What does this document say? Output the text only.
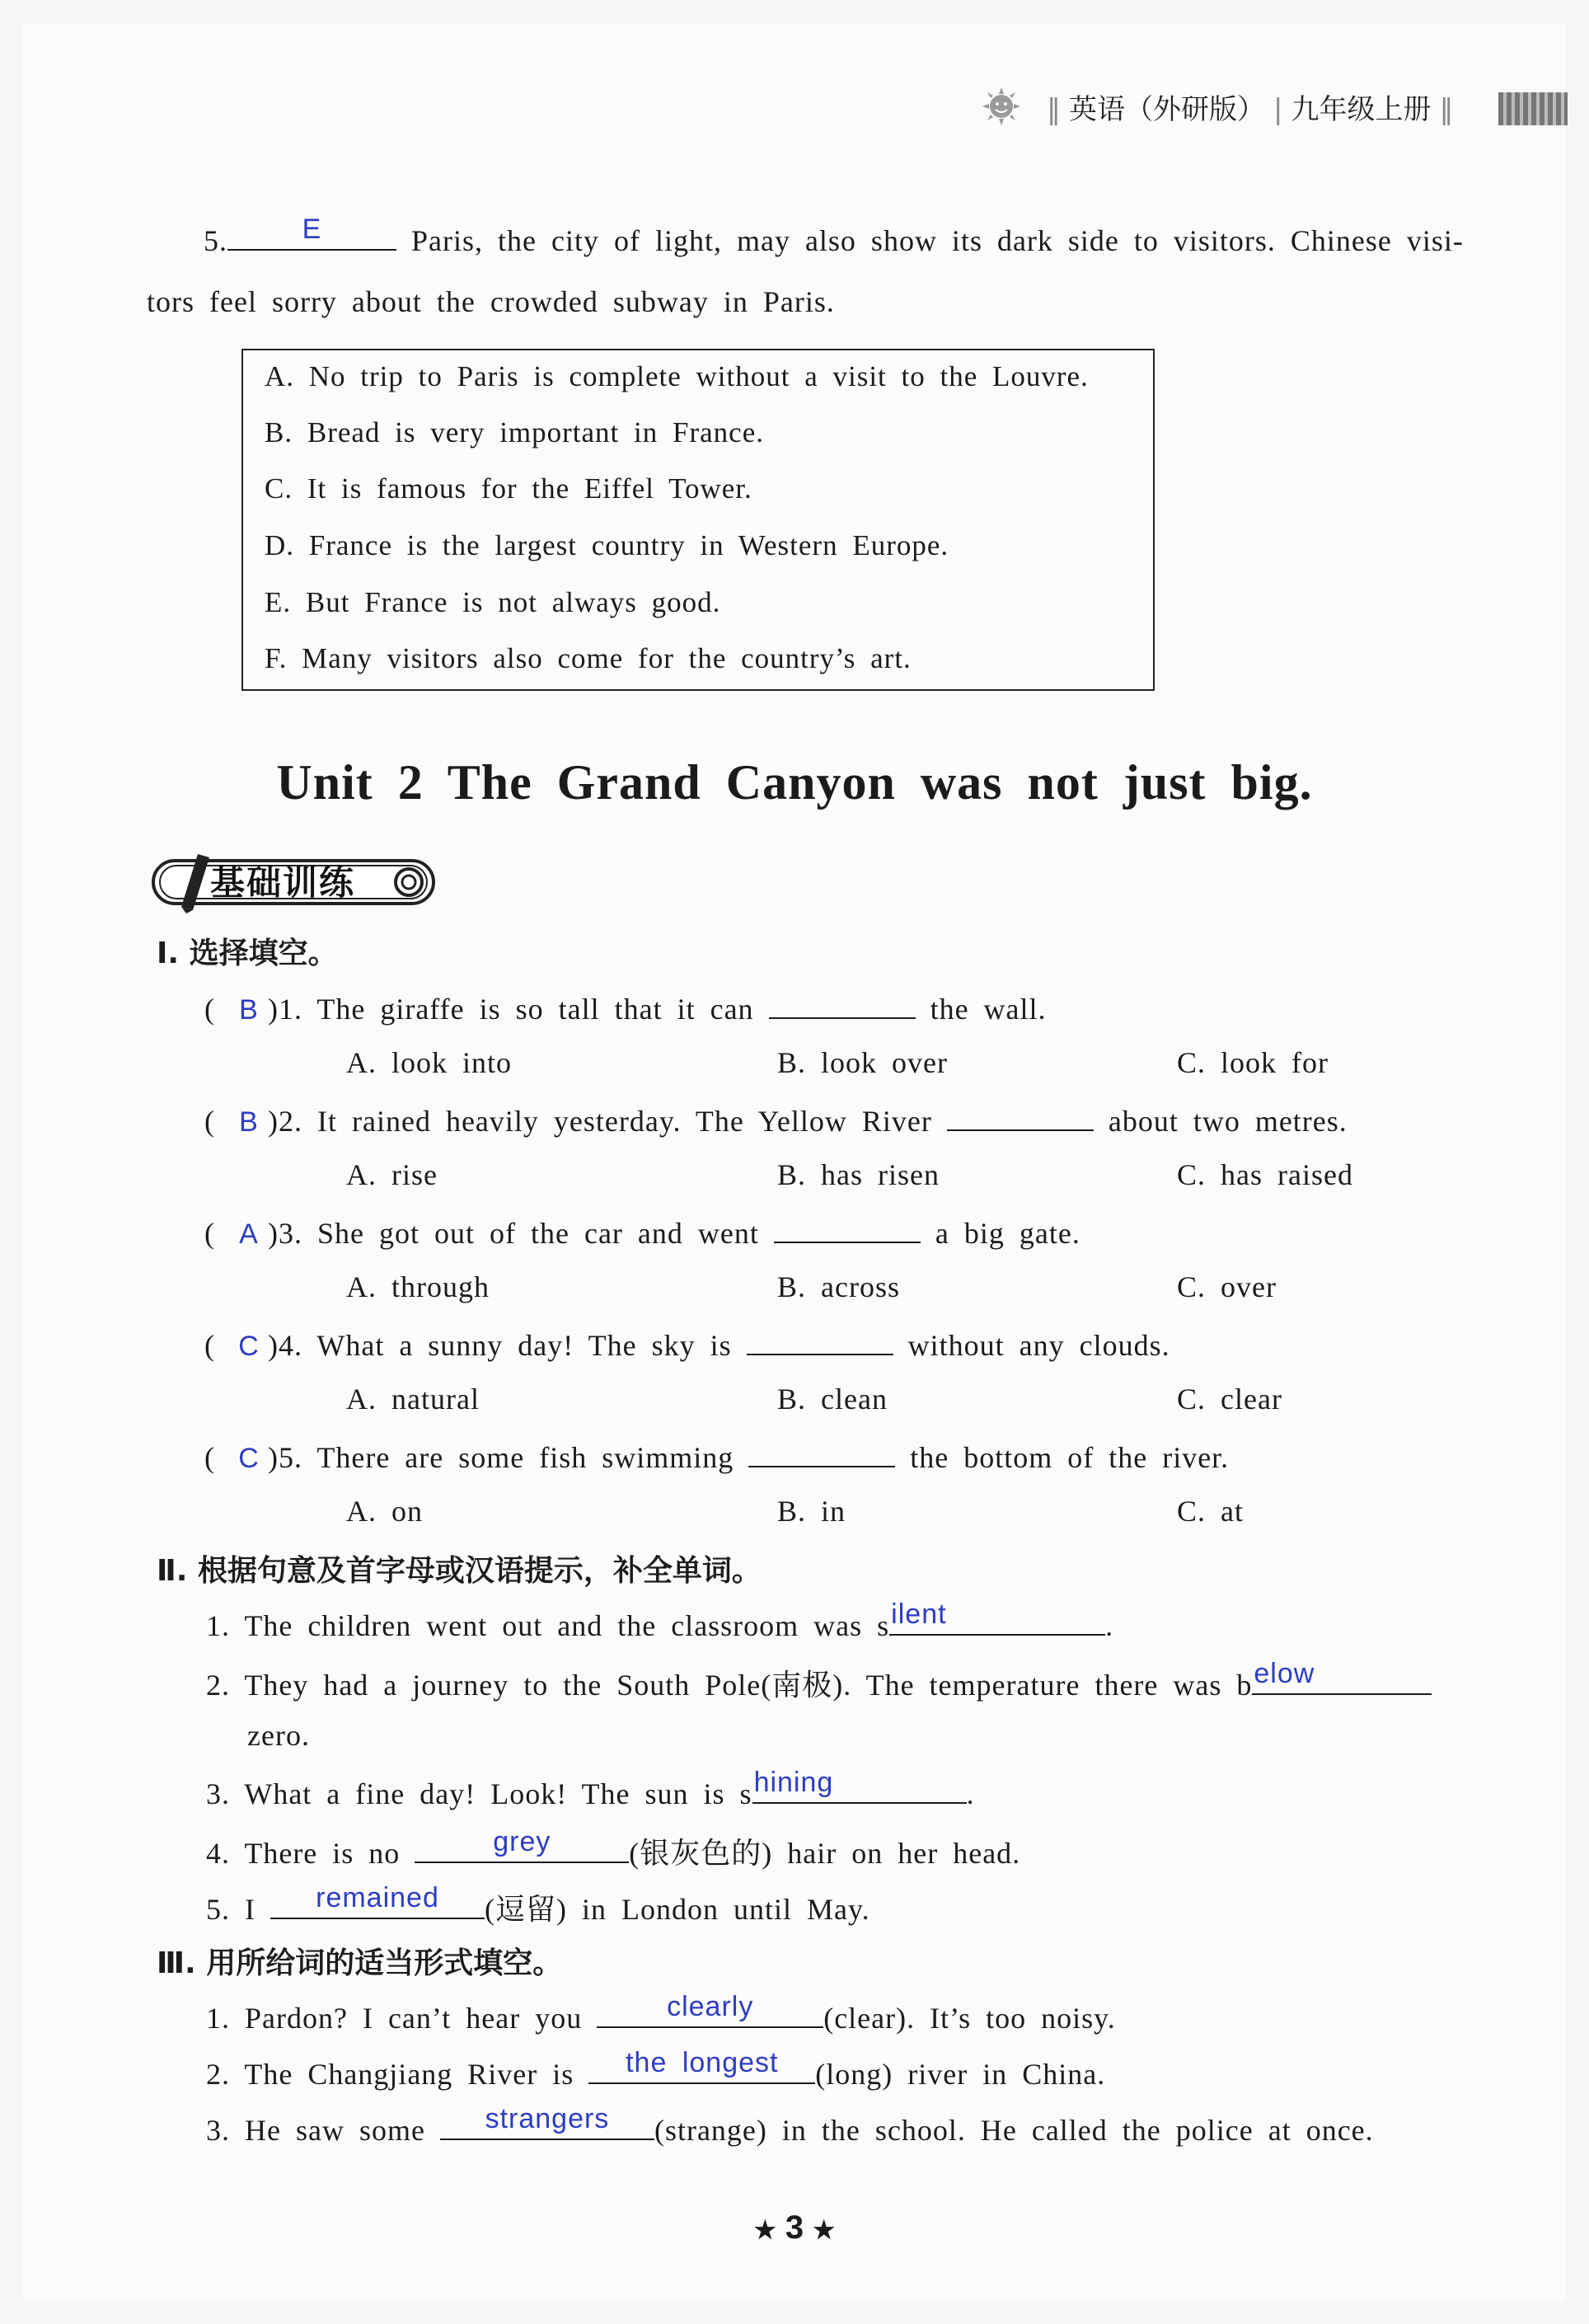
‖ 英语（外研版） | 九年级上册 ‖
5.	E	Paris, the city of light, may also show its dark side to visitors. Chinese visi-
tors feel sorry about the crowded subway in Paris.
A. No trip to Paris is complete without a visit to the Louvre.
B. Bread is very important in France.
C. It is famous for the Eiffel Tower.
D. France is the largest country in Western Europe.
E. But France is not always good.
F. Many visitors also come for the country’s art.
Unit 2 The Grand Canyon was not just big.
基础训练
Ⅰ. 选择填空。
( B )1. The giraffe is so tall that it can	the wall.
A. look into	B. look over	C. look for
( B )2. It rained heavily yesterday. The Yellow River	about two metres.
A. rise	B. has risen	C. has raised
( A )3. She got out of the car and went	a big gate.
A. through	B. across	C. over
( C )4. What a sunny day! The sky is	without any clouds.
A. natural	B. clean	C. clear
( C )5. There are some fish swimming	the bottom of the river.
A. on	B. in	C. at
Ⅱ. 根据句意及首字母或汉语提示，补全单词。
1. The children went out and the classroom was s ilent	.
2. They had a journey to the South Pole(南极). The temperature there was b elow
zero.
3. What a fine day! Look! The sun is s hining	.
4. There is no	grey	(银灰色的) hair on her head.
5. I	remained	(逗留) in London until May.
Ⅲ. 用所给词的适当形式填空。
1. Pardon? I can’t hear you	clearly	(clear). It’s too noisy.
2. The Changjiang River is	the longest	(long) river in China.
3. He saw some	strangers	(strange) in the school. He called the police at once.
★ 3 ★
